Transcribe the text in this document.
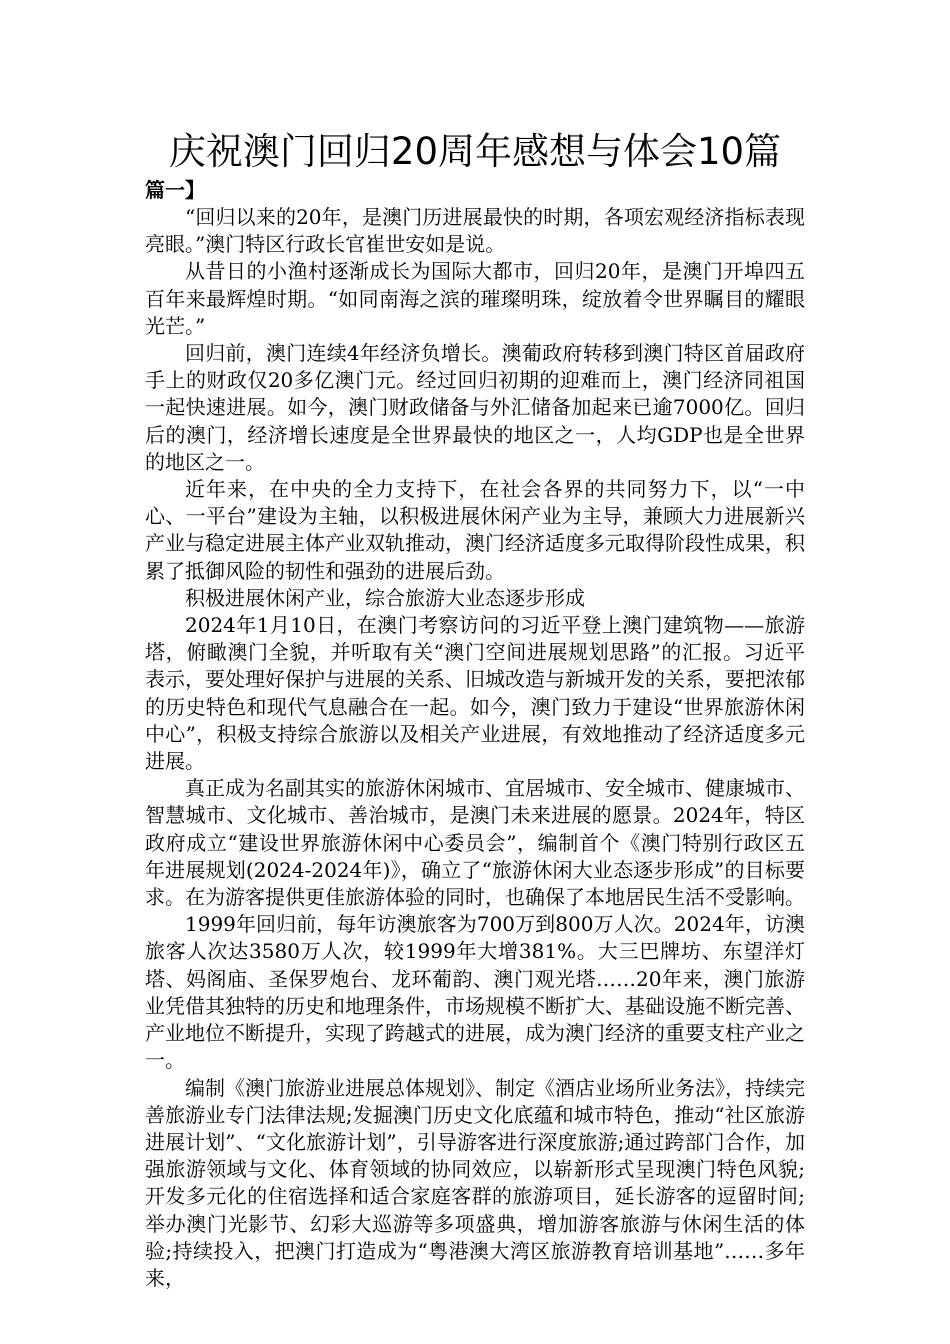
庆祝澳门回归20周年感想与体会10篇

篇一】

“回归以来的20年，是澳门历进展最快的时期，各项宏观经济指标表现亮眼。”澳门特区行政长官崔世安如是说。

从昔日的小渔村逐渐成长为国际大都市，回归20年，是澳门开埠四五百年来最辉煌时期。“如同南海之滨的璀璨明珠，绽放着令世界瞩目的耀眼光芒。”

回归前，澳门连续4年经济负增长。澳葡政府转移到澳门特区首届政府手上的财政仅20多亿澳门元。经过回归初期的迎难而上，澳门经济同祖国一起快速进展。如今，澳门财政储备与外汇储备加起来已逾7000亿。回归后的澳门，经济增长速度是全世界最快的地区之一，人均GDP也是全世界的地区之一。

近年来，在中央的全力支持下，在社会各界的共同努力下，以“一中心、一平台”建设为主轴，以积极进展休闲产业为主导，兼顾大力进展新兴产业与稳定进展主体产业双轨推动，澳门经济适度多元取得阶段性成果，积累了抵御风险的韧性和强劲的进展后劲。

积极进展休闲产业，综合旅游大业态逐步形成

2024年1月10日，在澳门考察访问的习近平登上澳门建筑物——旅游塔，俯瞰澳门全貌，并听取有关“澳门空间进展规划思路”的汇报。习近平表示，要处理好保护与进展的关系、旧城改造与新城开发的关系，要把浓郁的历史特色和现代气息融合在一起。如今，澳门致力于建设“世界旅游休闲中心”，积极支持综合旅游以及相关产业进展，有效地推动了经济适度多元进展。

真正成为名副其实的旅游休闲城市、宜居城市、安全城市、健康城市、智慧城市、文化城市、善治城市，是澳门未来进展的愿景。2024年，特区政府成立“建设世界旅游休闲中心委员会”，编制首个《澳门特别行政区五年进展规划(2024-2024年)》，确立了“旅游休闲大业态逐步形成”的目标要求。在为游客提供更佳旅游体验的同时，也确保了本地居民生活不受影响。

1999年回归前，每年访澳旅客为700万到800万人次。2024年，访澳旅客人次达3580万人次，较1999年大增381%。大三巴牌坊、东望洋灯塔、妈阁庙、圣保罗炮台、龙环葡韵、澳门观光塔……20年来，澳门旅游业凭借其独特的历史和地理条件，市场规模不断扩大、基础设施不断完善、产业地位不断提升，实现了跨越式的进展，成为澳门经济的重要支柱产业之一。

编制《澳门旅游业进展总体规划》、制定《酒店业场所业务法》，持续完善旅游业专门法律法规;发掘澳门历史文化底蕴和城市特色，推动“社区旅游进展计划”、“文化旅游计划”，引导游客进行深度旅游;通过跨部门合作，加强旅游领域与文化、体育领域的协同效应，以崭新形式呈现澳门特色风貌;开发多元化的住宿选择和适合家庭客群的旅游项目，延长游客的逗留时间;举办澳门光影节、幻彩大巡游等多项盛典，增加游客旅游与休闲生活的体验;持续投入，把澳门打造成为“粤港澳大湾区旅游教育培训基地”……多年来，
